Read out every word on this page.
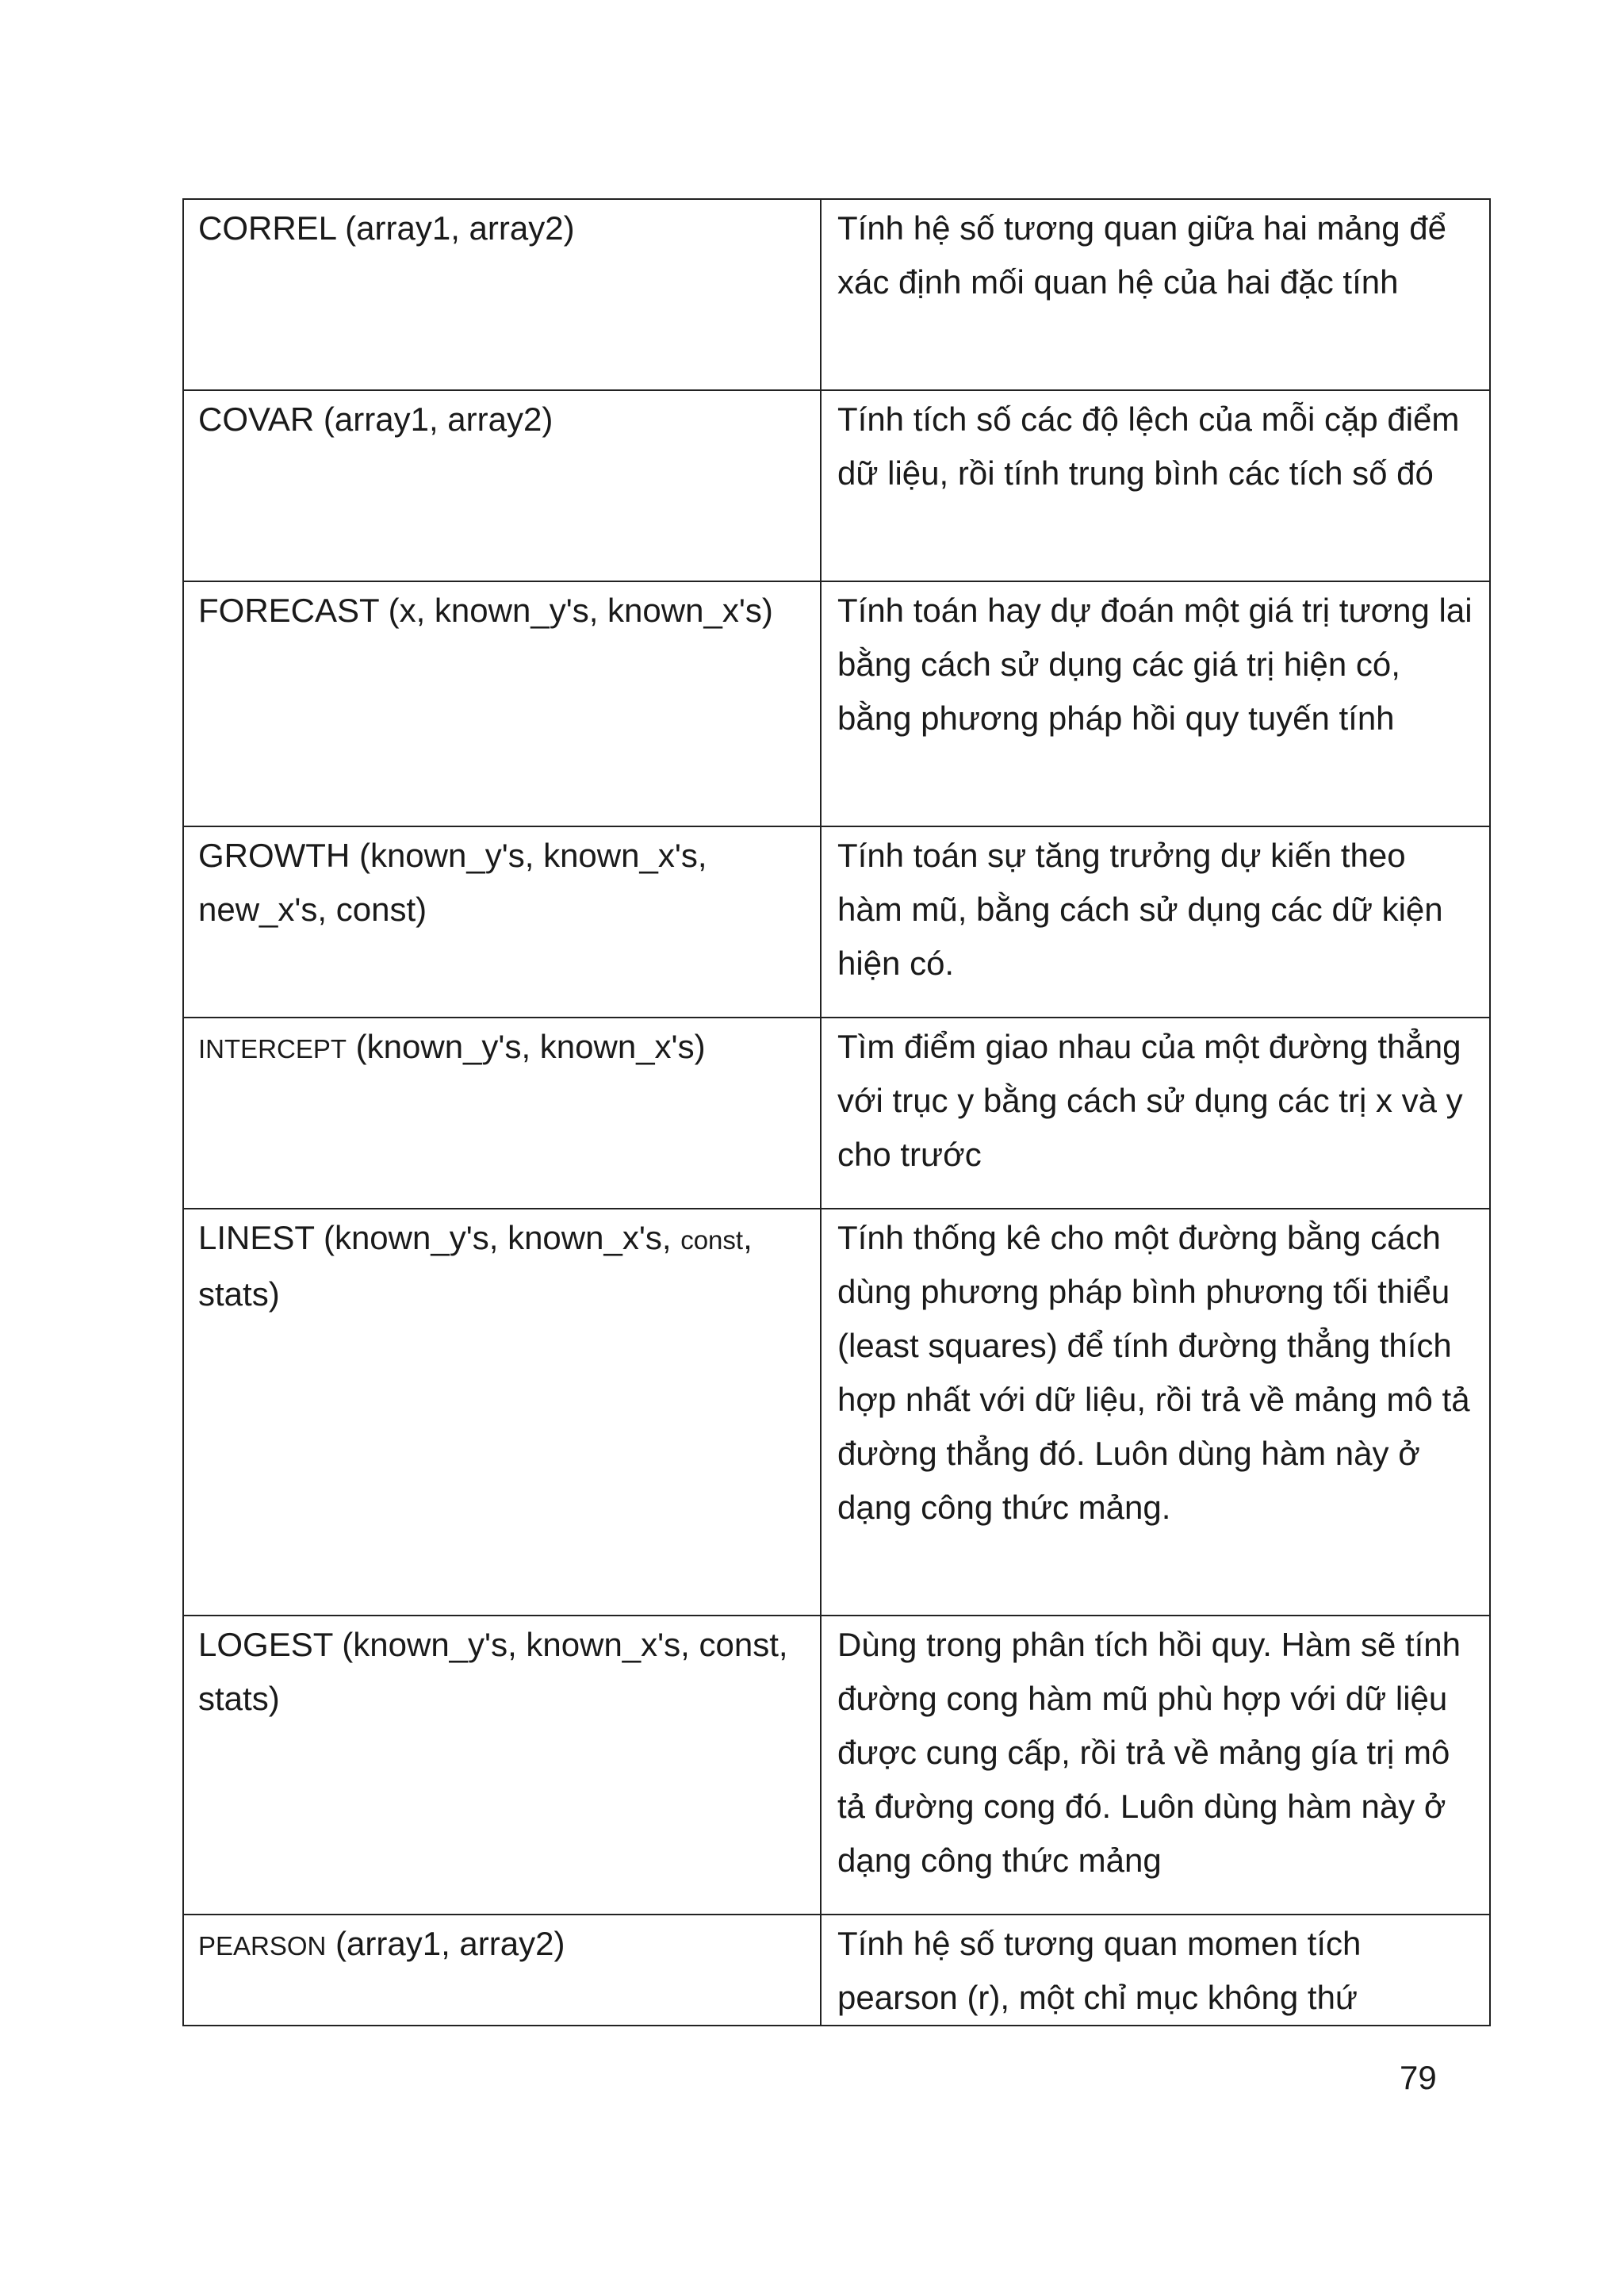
CORREL (array1, array2)	Tính hệ số tương quan giữa hai mảng để xác định mối quan hệ của hai đặc tính
COVAR (array1, array2)	Tính tích số các độ lệch của mỗi cặp điểm dữ liệu, rồi tính trung bình các tích số đó
FORECAST (x, known_y's, known_x's)	Tính toán hay dự đoán một giá trị tương lai bằng cách sử dụng các giá trị hiện có, bằng phương pháp hồi quy tuyến tính
GROWTH (known_y's, known_x's, new_x's, const)	Tính toán sự tăng trưởng dự kiến theo hàm mũ, bằng cách sử dụng các dữ kiện hiện có.
INTERCEPT (known_y's, known_x's)	Tìm điểm giao nhau của một đường thẳng với trục y bằng cách sử dụng các trị x và y cho trước
LINEST (known_y's, known_x's, const, stats)	Tính thống kê cho một đường bằng cách dùng phương pháp bình phương tối thiểu (least squares) để tính đường thẳng thích hợp nhất với dữ liệu, rồi trả về mảng mô tả đường thẳng đó. Luôn dùng hàm này ở dạng công thức mảng.
LOGEST (known_y's, known_x's, const, stats)	Dùng trong phân tích hồi quy. Hàm sẽ tính đường cong hàm mũ phù hợp với dữ liệu được cung cấp, rồi trả về mảng gía trị mô tả đường cong đó. Luôn dùng hàm này ở dạng công thức mảng
PEARSON (array1, array2)	Tính hệ số tương quan momen tích pearson (r), một chỉ mục không thứ
79
